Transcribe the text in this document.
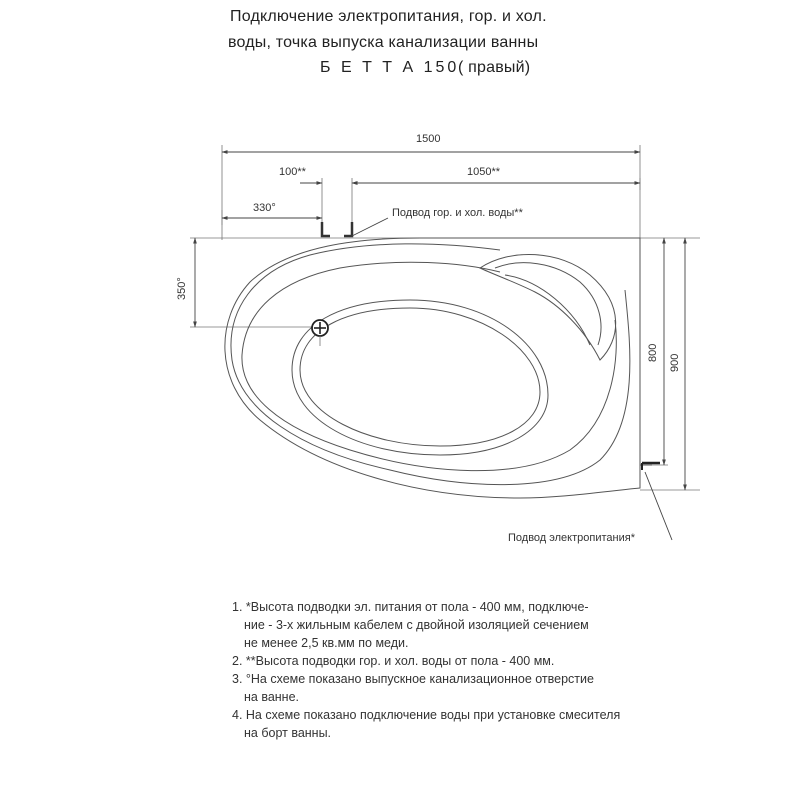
Подключение электропитания, гор. и хол.
воды, точка выпуска канализации ванны
Б Е Т Т А 150
( правый)
1500
100**	1050**
330°
350°
800
900
Подвод гор. и хол. воды**
Подвод электропитания*
1. *Высота подводки эл. питания от пола - 400 мм, подключе-
ние - 3-х жильным кабелем с двойной изоляцией сечением
не менее 2,5 кв.мм по меди.
2. **Высота подводки гор. и хол. воды от пола - 400 мм.
3. °На схеме показано выпускное канализационное отверстие
на ванне.
4. На схеме показано подключение воды при установке смесителя
на борт ванны.
